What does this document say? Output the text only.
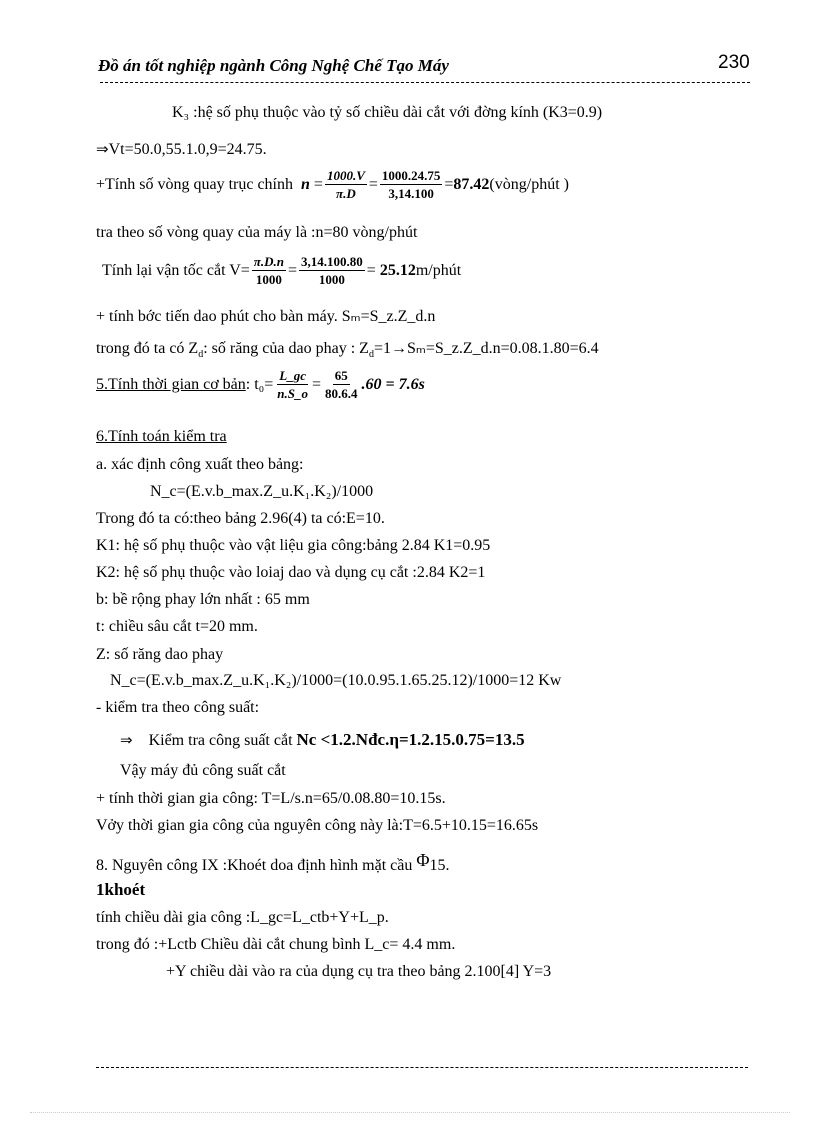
Đồ án tốt nghiệp ngành Công Nghệ Chế Tạo Máy	230
K₃ :hệ số phụ thuộc vào tỷ số chiều dài cắt với đờng kính (K3=0.9)
⇒Vt=50.0,55.1.0,9=24.75.
+Tính số vòng quay trục chính $n = \frac{1000.V}{\pi.D} = \frac{1000.24.75}{3,14.100} = 87.42$ (vòng/phút )
tra theo số vòng quay của máy là :n=80 vòng/phút
Tính lại vận tốc cắt $V= \frac{\pi.D.n}{1000} = \frac{3,14.100.80}{1000} = 25.12$ m/phút
+ tính bớc tiến dao phút cho bàn máy. Sₘ=S_z.Z_d.n
trong đó ta có $Z_d$: số răng của dao phay : $Z_d=1\to S_m=S\_z.Z\_d.n=0.08.1.80=6.4$
5.Tính thời gian cơ bản : $t_0= \frac{L\_gc}{n.S\_o} = \frac{65}{80.6.4} .60 = 7.6s$
6.Tính toán kiểm tra
a. xác định công xuất theo bảng:
N_c=(E.v.b_max.Z_u.K₁.K₂)/1000
Trong đó ta có:theo bảng 2.96(4) ta có:E=10.
K1: hệ số phụ thuộc vào vật liệu gia công:bảng 2.84 K1=0.95
K2: hệ số phụ thuộc vào loiaj dao và dụng cụ cắt :2.84 K2=1
b: bề rộng phay lớn nhất : 65 mm
t: chiều sâu cắt t=20 mm.
Z: số răng dao phay
N_c=(E.v.b_max.Z_u.K₁.K₂)/1000=(10.0.95.1.65.25.12)/1000=12 Kw
- kiểm tra theo công suất:
⇒ Kiểm tra công suất cắt Nc <1.2.Nđc.η=1.2.15.0.75=13.5
Vậy máy đủ công suất cắt
+ tính thời gian gia công: T=L/s.n=65/0.08.80=10.15s.
Vởy thời gian gia công của nguyên công này là:T=6.5+10.15=16.65s
8. Nguyên công IX :Khoét doa định hình mặt cầu Φ15.
1khoét
tính chiều dài gia công :L_gc=L_ctb+Y+L_p.
trong đó :+Lctb Chiều dài cắt chung bình L_c= 4.4 mm.
+Y chiều dài vào ra của dụng cụ tra theo bảng 2.100[4] Y=3
